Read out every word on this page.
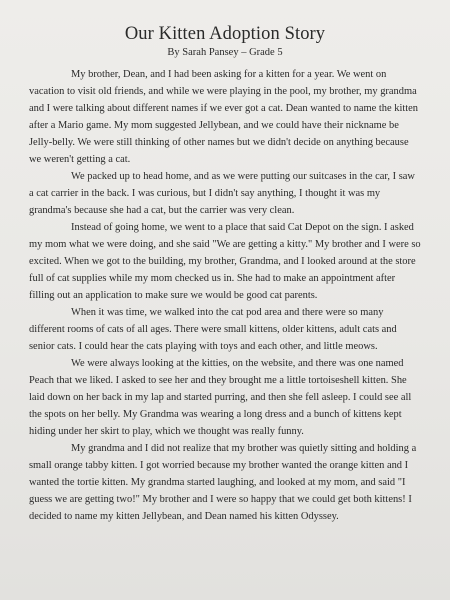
Our Kitten Adoption Story

By Sarah Pansey – Grade 5

My brother, Dean, and I had been asking for a kitten for a year. We went on vacation to visit old friends, and while we were playing in the pool, my brother, my grandma and I were talking about different names if we ever got a cat. Dean wanted to name the kitten after a Mario game. My mom suggested Jellybean, and we could have their nickname be Jelly-belly. We were still thinking of other names but we didn't decide on anything because we weren't getting a cat.

We packed up to head home, and as we were putting our suitcases in the car, I saw a cat carrier in the back. I was curious, but I didn't say anything, I thought it was my grandma's because she had a cat, but the carrier was very clean.

Instead of going home, we went to a place that said Cat Depot on the sign. I asked my mom what we were doing, and she said "We are getting a kitty." My brother and I were so excited. When we got to the building, my brother, Grandma, and I looked around at the store full of cat supplies while my mom checked us in. She had to make an appointment after filling out an application to make sure we would be good cat parents.

When it was time, we walked into the cat pod area and there were so many different rooms of cats of all ages. There were small kittens, older kittens, adult cats and senior cats. I could hear the cats playing with toys and each other, and little meows.

We were always looking at the kitties, on the website, and there was one named Peach that we liked. I asked to see her and they brought me a little tortoiseshell kitten. She laid down on her back in my lap and started purring, and then she fell asleep. I could see all the spots on her belly. My Grandma was wearing a long dress and a bunch of kittens kept hiding under her skirt to play, which we thought was really funny.

My grandma and I did not realize that my brother was quietly sitting and holding a small orange tabby kitten. I got worried because my brother wanted the orange kitten and I wanted the tortie kitten. My grandma started laughing, and looked at my mom, and said "I guess we are getting two!" My brother and I were so happy that we could get both kittens! I decided to name my kitten Jellybean, and Dean named his kitten Odyssey.
